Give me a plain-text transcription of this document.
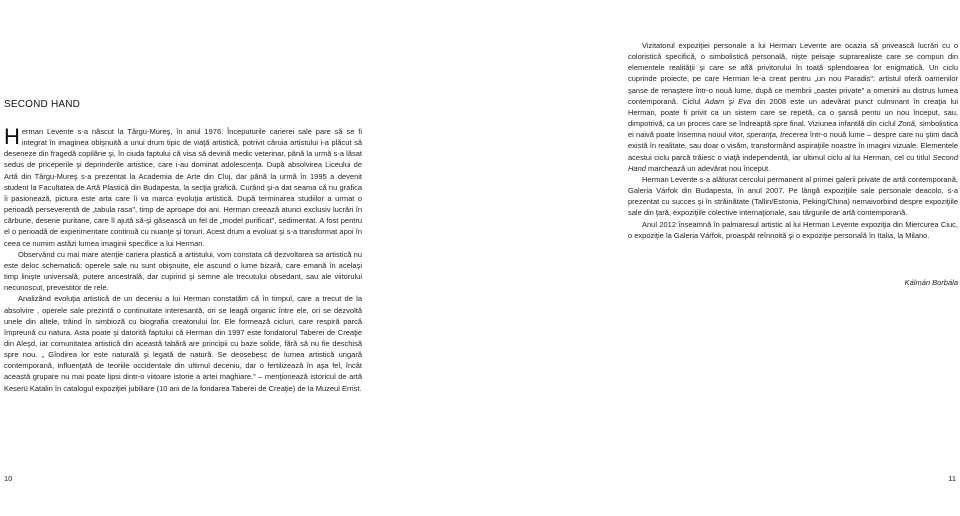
SECOND HAND

Herman Levente s-a născut la Târgu-Mureş, în anul 1976. Începuturile carierei sale pare să se fi integrat în imaginea obişnuită a unui drum tipic de viaţă artistică, potrivit căruia artistului i-a plăcut să deseneze din fragedă copilărie şi, în ciuda faptului că visa să devină medic veterinar, până la urmă s-a lăsat sedus de priceperile şi deprinderile artistice, care i-au dominat adolescenţa. După absolvirea Liceului de Artă din Târgu-Mureş s-a prezentat la Academia de Arte din Cluj, dar până la urmă în 1995 a devenit student la Facultatea de Artă Plastică din Budapesta, la secţia grafică. Curând şi-a dat seama că nu grafica îi pasionează, pictura este arta care îi va marca evoluţia artistică. După terminarea studiilor a urmat o perioadă perseverentă de „tabula rasa", timp de aproape doi ani. Herman creează atunci exclusiv lucrări în cărbune, desene puritane, care îl ajută să-şi găsească un fel de „model purificat", sedimentat. A fost pentru el o perioadă de experimentare continuă cu nuanţe şi tonuri. Acest drum a evoluat şi s-a transformat apoi în ceea ce numim astăzi lumea imaginii specifice a lui Herman.

Observând cu mai mare atenţie cariera plastică a artistului, vom constata că dezvoltarea sa artistică nu este deloc schematică: operele sale nu sunt obişnuite, ele ascund o lume bizară, care emană în acelaşi timp linişte universală, putere ancestrală, dar cuprind şi semne ale trecutului obsedant, sau ale viitorului necunoscut, prevestitor de rele.

Analizând evoluţia artistică de un deceniu a lui Herman constatăm că în timpul, care a trecut de la absolvire , operele sale prezintă o continuitate interesantă, ori se leagă organic între ele, ori se dezvoltă unele din altele, trăind în simbioză cu biografia creatorului lor. Ele formează cicluri, care respiră parcă împreună cu natura. Asta poate şi datorită faptului că Herman din 1997 este fondatorul Taberei de Creaţie din Aleşd, iar comunitatea artistică din această tabără are principii cu baze solide, fără să nu fie deschisă spre nou. „ Gîndirea lor este naturală şi legată de natură. Se deosebesc de lumea artistică ungară contemporană, influenţată de teoriile occidentale din ultimul deceniu, dar o fertilizează în aşa fel, încât această grupare nu mai poate lipsi dintr-o viitoare istorie a artei maghiare." – menţionează istoricul de artă Keserü Katalin în catalogul expoziţiei jubiliare (10 ani de la fondarea Taberei de Creaţie) de la Muzeul Ernst.

10

Vizitatorul expoziţiei personale a lui Herman Levente are ocazia să privească lucrări cu o coloristică specifică, o simbolistică personală, nişte peisaje suprarealiste care se compun din elementele realităţii şi care se află privitorului în toată splendoarea lor enigmatică. Un ciclu cuprinde proiecte, pe care Herman le-a creat pentru „un nou Paradis": artistul oferă oamenilor şanse de renaştere într-o nouă lume, după ce membrii „oastei private" a omenirii au distrus lumea contemporană. Ciclul Adam şi Eva din 2008 este un adevărat punct culminant în creaţia lui Herman, poate fi privit ca un sistem care se repetă, ca o şansă pentu un nou început, sau, dimpotrivă, ca un proces care se îndreaptă spre final. Viziunea infantilă din ciclul Zonă, simbolistica ei naivă poate însemna nouul vitor, speranţa, trecerea într-o nouă lume – despre care nu ştim dacă există în realitate, sau doar o visăm, transformând aspiraţiile noastre în imagini vizuale. Elementele acestui ciclu parcă trăiesc o viaţă independentă, iar ultimul ciclu al lui Herman, cel cu titlul Second Hand marchează un adevărat nou început.

Herman Levente s-a alăturat cercului permanent al primei galerii private de artă contemporană, Galeria Várfok din Budapesta, în anul 2007. Pe lângă expoziţiile sale personale deacolo, s-a prezentat cu succes şi în străinătate (Tallin/Estonia, Peking/China) nemaivorbind despre expoziţiile sale din ţară, expoziţiile colective internaţionale, sau târgurile de artă contemporană.

Anul 2012 înseamnă în palmaresul artistic al lui Herman Levente expoziţia din Miercurea Ciuc, o expoziţie la Galeria Várfok, proaspăt reînnoită şi o expoziţie personală în Italia, la Milano.

Kálmán Borbála
11
